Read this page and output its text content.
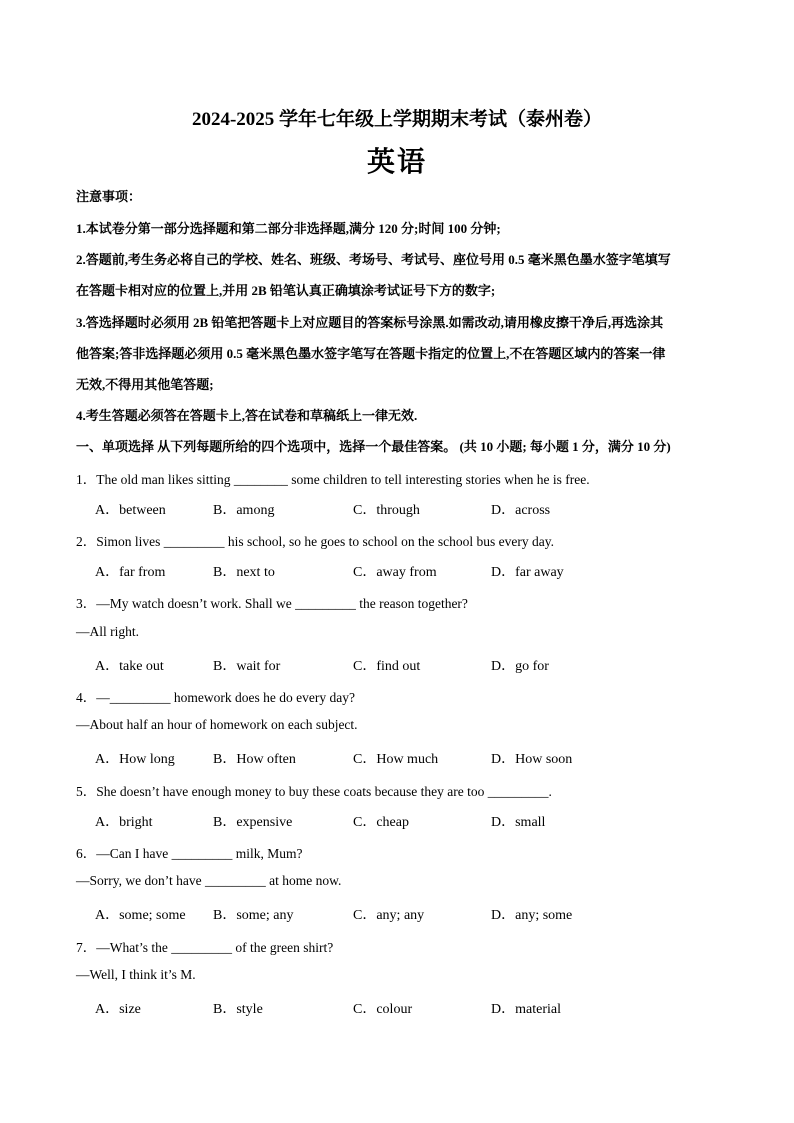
2024-2025 学年七年级上学期期末考试（泰州卷）
英语
注意事项：
1.本试卷分第一部分选择题和第二部分非选择题,满分 120 分;时间 100 分钟;
2.答题前,考生务必将自己的学校、姓名、班级、考场号、考试号、座位号用 0.5 毫米黑色墨水签字笔填写
在答题卡相对应的位置上,并用 2B 铅笔认真正确填涂考试证号下方的数字;
3.答选择题时必须用 2B 铅笔把答题卡上对应题目的答案标号涂黑.如需改动,请用橡皮擦干净后,再选涂其
他答案;答非选择题必须用 0.5 毫米黑色墨水签字笔写在答题卡指定的位置上,不在答题区域内的答案一律
无效,不得用其他笔答题;
4.考生答题必须答在答题卡上,答在试卷和草稿纸上一律无效.
一、单项选择 从下列每题所给的四个选项中，选择一个最佳答案。 (共 10 小题; 每小题 1 分，满分 10 分)
1．The old man likes sitting ________ some children to tell interesting stories when he is free.
A．between	B．among	C．through	D．across
2．Simon lives _________ his school, so he goes to school on the school bus every day.
A．far from	B．next to	C．away from	D．far away
3．—My watch doesn’t work. Shall we _________ the reason together?
—All right.
A．take out	B．wait for	C．find out	D．go for
4．—_________ homework does he do every day?
—About half an hour of homework on each subject.
A．How long	B．How often	C．How much	D．How soon
5．She doesn’t have enough money to buy these coats because they are too _________.
A．bright	B．expensive	C．cheap	D．small
6．—Can I have _________ milk, Mum?
—Sorry, we don’t have _________ at home now.
A．some; some B．some; any	C．any; any	D．any; some
7．—What’s the _________ of the green shirt?
—Well, I think it’s M.
A．size	B．style	C．colour	D．material
